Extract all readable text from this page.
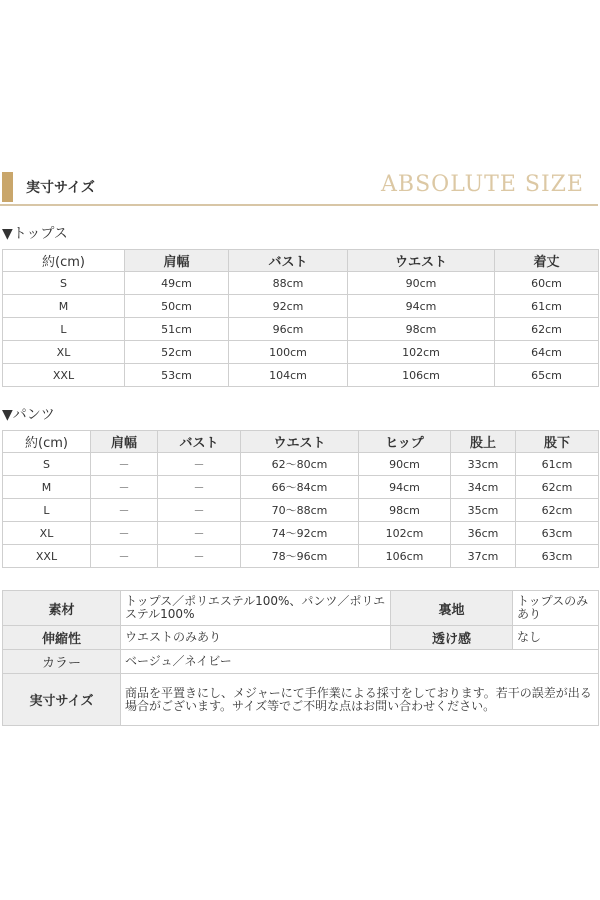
実寸サイズ	ABSOLUTE SIZE
▼トップス
約(cm)	肩幅	バスト	ウエスト	着丈
S	49cm	88cm	90cm	60cm
M	50cm	92cm	94cm	61cm
L	51cm	96cm	98cm	62cm
XL	52cm	100cm	102cm	64cm
XXL	53cm	104cm	106cm	65cm
▼パンツ
約(cm)	肩幅	バスト	ウエスト	ヒップ	股上	股下
S	－	－	62〜80cm	90cm	33cm	61cm
M	－	－	66〜84cm	94cm	34cm	62cm
L	－	－	70〜88cm	98cm	35cm	62cm
XL	－	－	74〜92cm	102cm	36cm	63cm
XXL	－	－	78〜96cm	106cm	37cm	63cm
素材	トップス／ポリエステル100%、パンツ／ポリエステル100%	裏地	トップスのみあり
伸縮性	ウエストのみあり	透け感	なし
カラー	ベージュ／ネイビー		
実寸サイズ	商品を平置きにし、メジャーにて手作業による採寸をしております。若干の誤差が出る場合がございます。サイズ等でご不明な点はお問い合わせください。		
